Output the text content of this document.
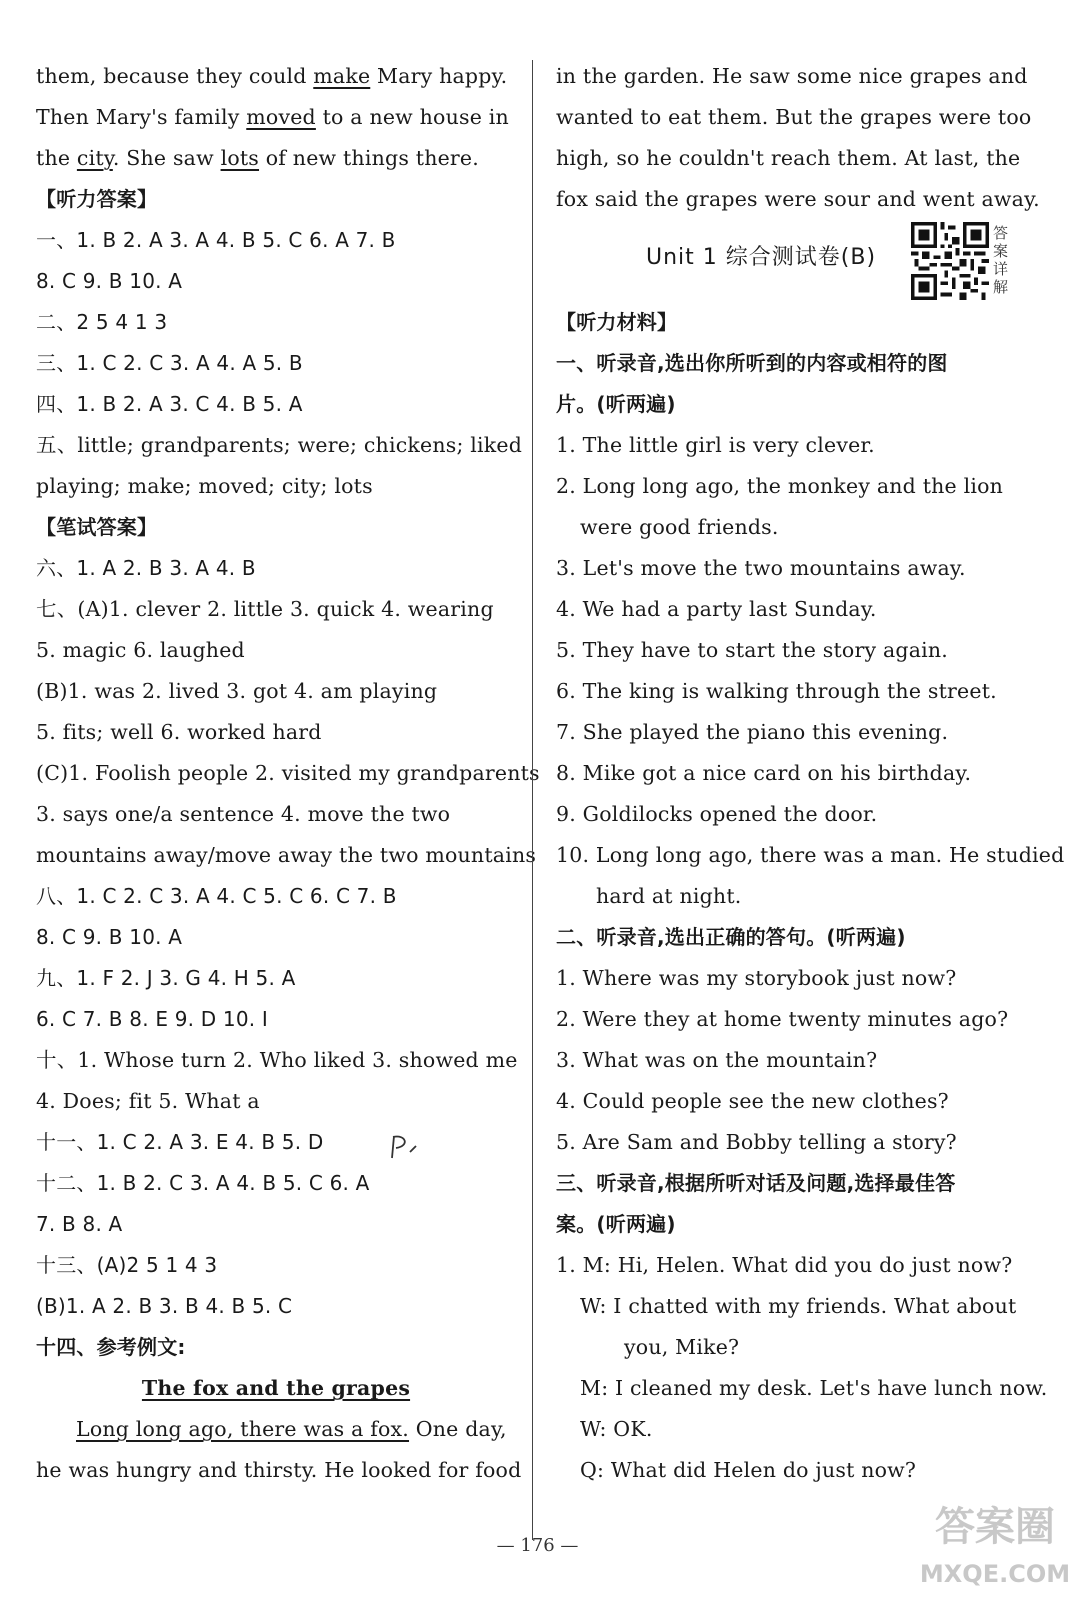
them, because they could make Mary happy.
Then Mary's family moved to a new house in
the city. She saw lots of new things there.
【听力答案】
一、1. B 2. A 3. A 4. B 5. C 6. A 7. B
8. C 9. B 10. A
二、2 5 4 1 3
三、1. C 2. C 3. A 4. A 5. B
四、1. B 2. A 3. C 4. B 5. A
五、little; grandparents; were; chickens; liked
playing; make; moved; city; lots
【笔试答案】
六、1. A 2. B 3. A 4. B
七、(A)1. clever 2. little 3. quick 4. wearing
5. magic 6. laughed
(B)1. was 2. lived 3. got 4. am playing
5. fits; well 6. worked hard
(C)1. Foolish people 2. visited my grandparents
3. says one/a sentence 4. move the two
mountains away/move away the two mountains
八、1. C 2. C 3. A 4. C 5. C 6. C 7. B
8. C 9. B 10. A
九、1. F 2. J 3. G 4. H 5. A
6. C 7. B 8. E 9. D 10. I
十、1. Whose turn 2. Who liked 3. showed me
4. Does; fit 5. What a
十一、1. C 2. A 3. E 4. B 5. D
十二、1. B 2. C 3. A 4. B 5. C 6. A
7. B 8. A
十三、(A)2 5 1 4 3
(B)1. A 2. B 3. B 4. B 5. C
十四、参考例文:
The fox and the grapes
Long long ago, there was a fox. One day,
he was hungry and thirsty. He looked for food
in the garden. He saw some nice grapes and
wanted to eat them. But the grapes were too
high, so he couldn't reach them. At last, the
fox said the grapes were sour and went away.
Unit 1 综合测试卷(B)
答
案
详
解
【听力材料】
一、听录音,选出你所听到的内容或相符的图
片。(听两遍)
1. The little girl is very clever.
2. Long long ago, the monkey and the lion
were good friends.
3. Let's move the two mountains away.
4. We had a party last Sunday.
5. They have to start the story again.
6. The king is walking through the street.
7. She played the piano this evening.
8. Mike got a nice card on his birthday.
9. Goldilocks opened the door.
10. Long long ago, there was a man. He studied
hard at night.
二、听录音,选出正确的答句。(听两遍)
1. Where was my storybook just now?
2. Were they at home twenty minutes ago?
3. What was on the mountain?
4. Could people see the new clothes?
5. Are Sam and Bobby telling a story?
三、听录音,根据所听对话及问题,选择最佳答
案。(听两遍)
1. M: Hi, Helen. What did you do just now?
W: I chatted with my friends. What about
you, Mike?
M: I cleaned my desk. Let's have lunch now.
W: OK.
Q: What did Helen do just now?
— 176 —	答案圈
MXQE.COM
